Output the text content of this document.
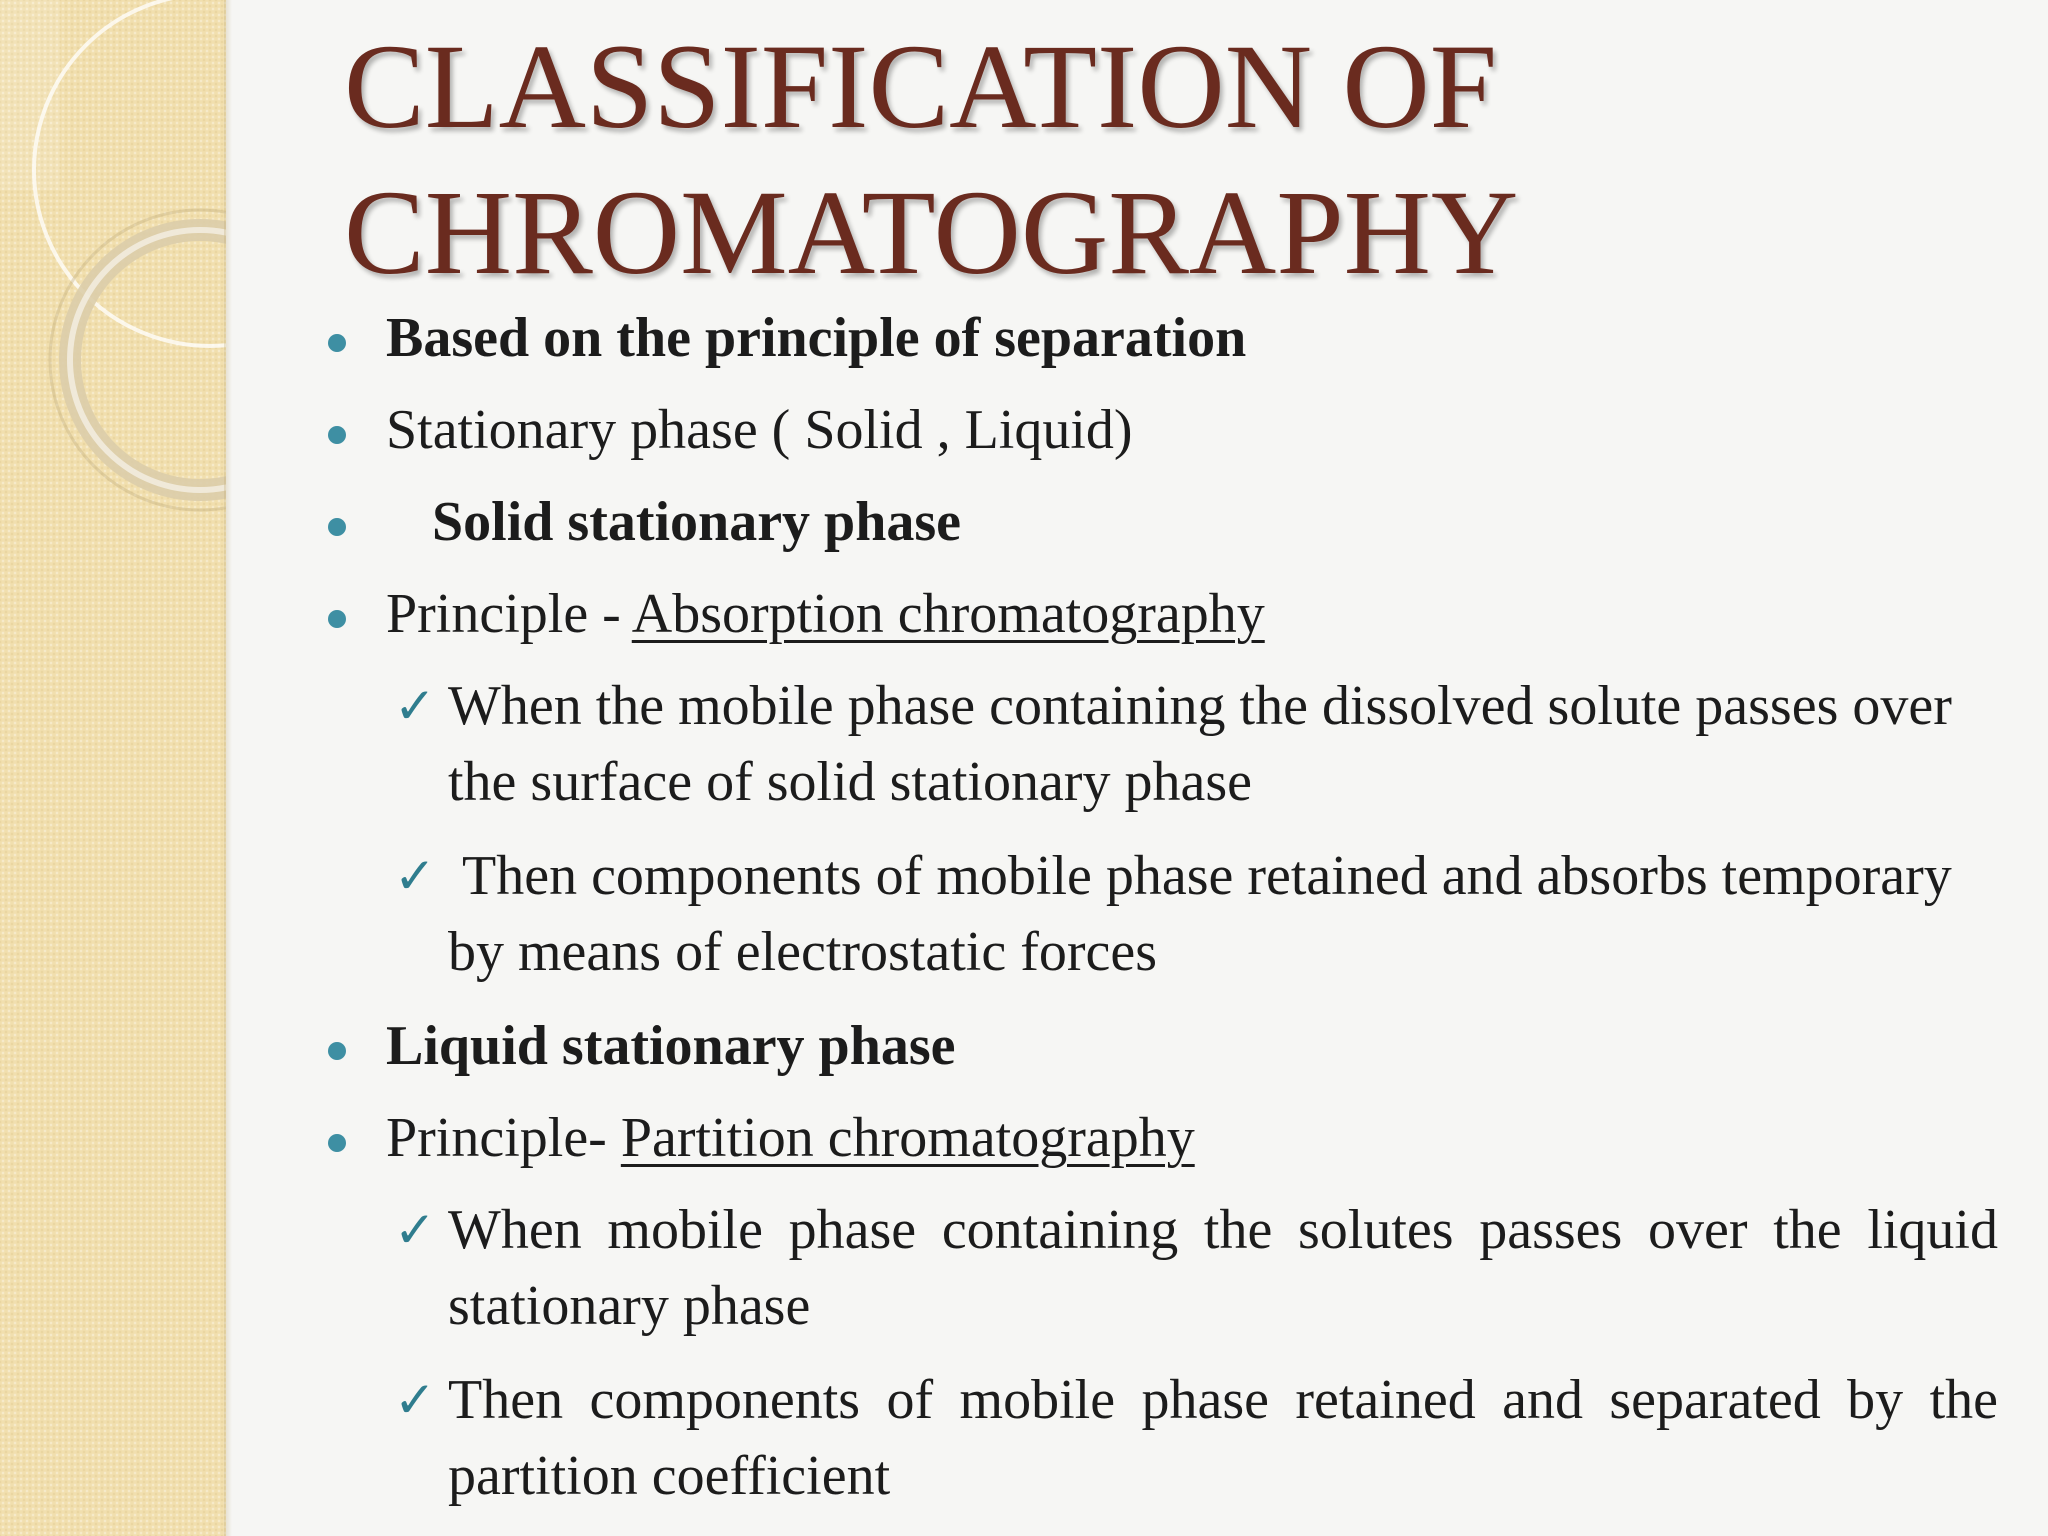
CLASSIFICATION OF
CHROMATOGRAPHY
Based on the principle of separation
Stationary phase ( Solid , Liquid)
Solid stationary phase
Principle - Absorption chromatography
✓ When the mobile phase containing the dissolved solute passes over the surface of solid stationary phase
✓ Then components of mobile phase retained and absorbs temporary by means of electrostatic forces
Liquid stationary phase
Principle- Partition chromatography
✓ When mobile phase containing the solutes passes over the liquid stationary phase
✓ Then components of mobile phase retained and separated by the partition coefficient
